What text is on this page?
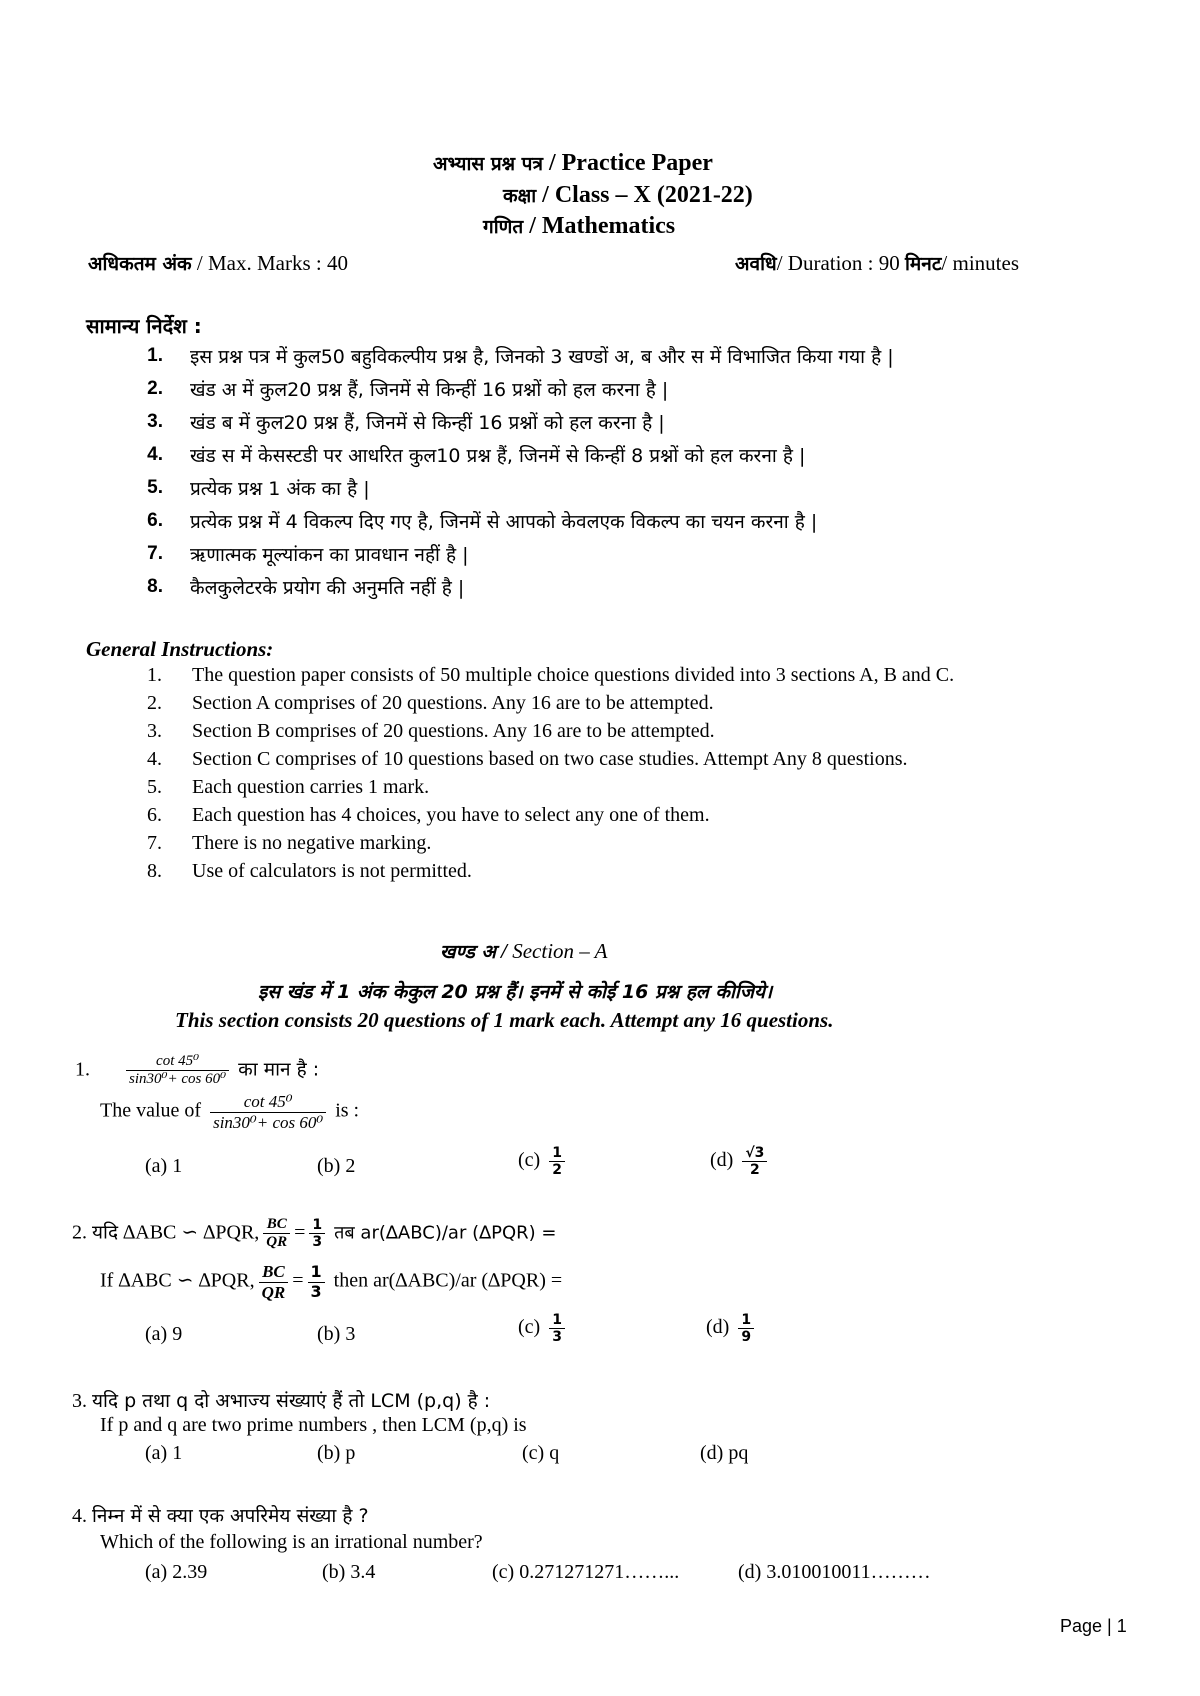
अभ्यास प्रश्न पत्र / Practice Paper
कक्षा / Class – X (2021-22)
गणित / Mathematics
अधिकतम अंक / Max. Marks : 40	अवधि/ Duration : 90 मिनट/ minutes
सामान्य निर्देश :
1. इस प्रश्न पत्र में कुल50 बहुविकल्पीय प्रश्न है, जिनको 3 खण्डों अ, ब और स में विभाजित किया गया है |
2. खंड अ में कुल20 प्रश्न हैं, जिनमें से किन्हीं 16 प्रश्नों को हल करना है |
3. खंड ब में कुल20 प्रश्न हैं, जिनमें से किन्हीं 16 प्रश्नों को हल करना है |
4. खंड स में केसस्टडी पर आधरित कुल10 प्रश्न हैं, जिनमें से किन्हीं 8 प्रश्नों को हल करना है |
5. प्रत्येक प्रश्न 1 अंक का है |
6. प्रत्येक प्रश्न में 4 विकल्प दिए गए है, जिनमें से आपको केवलएक विकल्प का चयन करना है |
7. ऋणात्मक मूल्यांकन का प्रावधान नहीं है |
8. कैलकुलेटरके प्रयोग की अनुमति नहीं है |
General Instructions:
1. The question paper consists of 50 multiple choice questions divided into 3 sections A, B and C.
2. Section A comprises of 20 questions. Any 16 are to be attempted.
3. Section B comprises of 20 questions. Any 16 are to be attempted.
4. Section C comprises of 10 questions based on two case studies. Attempt Any 8 questions.
5. Each question carries 1 mark.
6. Each question has 4 choices, you have to select any one of them.
7. There is no negative marking.
8. Use of calculators is not permitted.
खण्ड अ / Section – A
इस खंड में 1 अंक केकुल 20 प्रश्न हैं। इनमें से कोई 16 प्रश्न हल कीजिये।
This section consists 20 questions of 1 mark each. Attempt any 16 questions.
1. $\frac{\text{cot 45⁰}}{\text{sin30⁰+ cos 60⁰}}$ का मान है :
The value of $\frac{\text{cot 45⁰}}{\text{sin30⁰+ cos 60⁰}}$ is :
(a) 1	(b) 2	$(c) \frac{1}{2}$	$(d) \frac{√3}{2}$
2. यदि ∆ABC ∽ ∆PQR, $\frac{BC}{QR} = \frac{1}{3}$ तब ar(∆ABC)/ar (∆PQR) =
If ∆ABC ∽ ∆PQR, $\frac{BC}{QR} = \frac{1}{3}$ then ar(∆ABC)/ar (∆PQR) =
(a) 9	(b) 3	$(c) \frac{1}{3}$	$(d) \frac{1}{9}$
3. यदि p तथा q दो अभाज्य संख्याएं हैं तो LCM (p,q) है :
If p and q are two prime numbers , then LCM (p,q) is
(a) 1	(b) p	(c) q	(d) pq
4. निम्न में से क्या एक अपरिमेय संख्या है ?
Which of the following is an irrational number?
(a) 2.39	(b) 3.4	(c) 0.271271271……...	(d) 3.010010011………
Page | 1
